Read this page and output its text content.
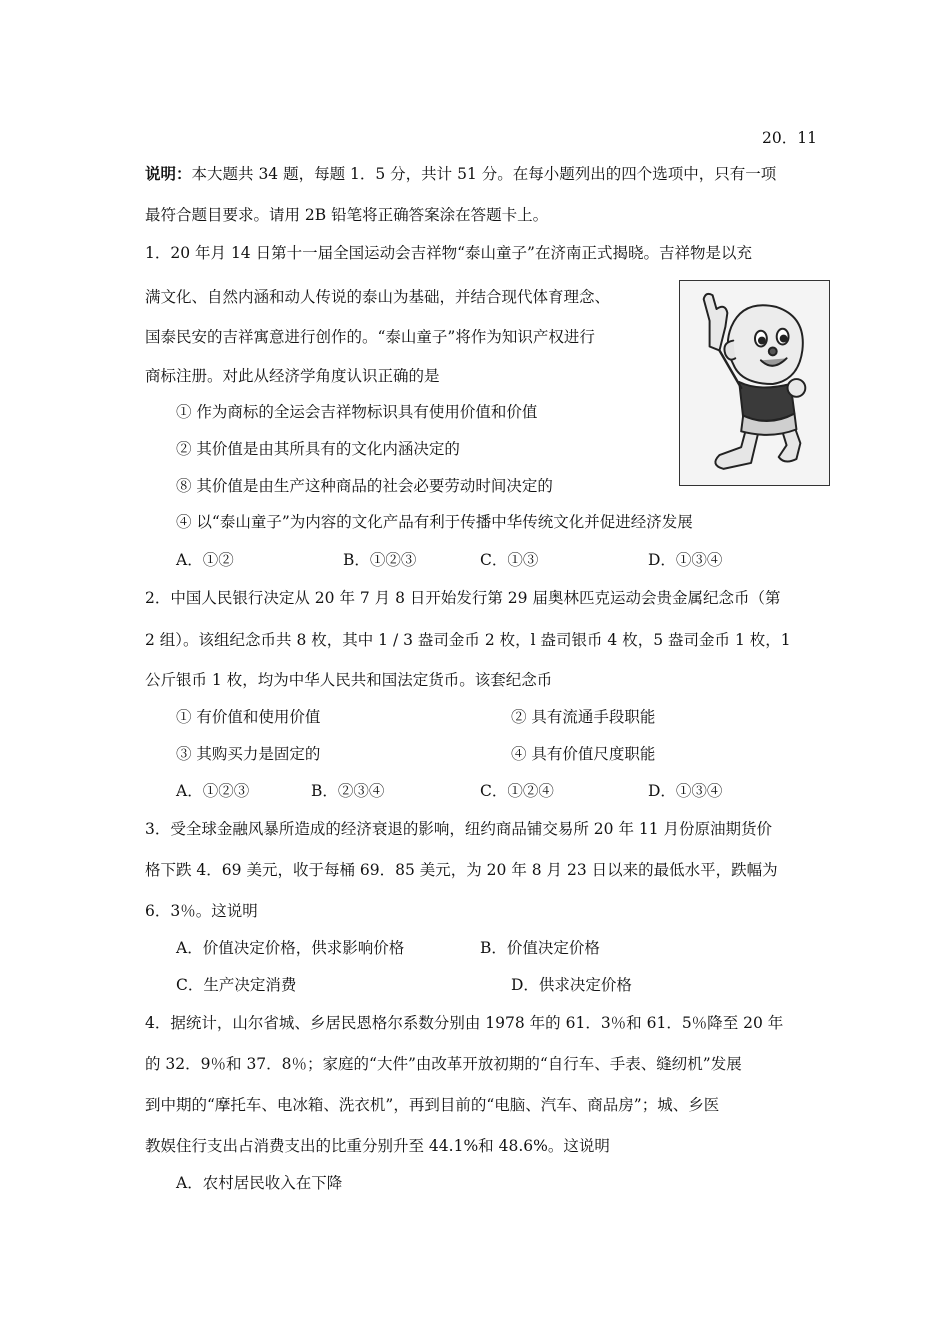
20．11
说明：本大题共 34 题，每题 1．5 分，共计 51 分。在每小题列出的四个选项中，只有一项
最符合题目要求。请用 2B 铅笔将正确答案涂在答题卡上。
1．20 年月 14 日第十一届全国运动会吉祥物“泰山童子”在济南正式揭晓。吉祥物是以充
满文化、自然内涵和动人传说的泰山为基础，并结合现代体育理念、
国泰民安的吉祥寓意进行创作的。“泰山童子”将作为知识产权进行
商标注册。对此从经济学角度认识正确的是
① 作为商标的全运会吉祥物标识具有使用价值和价值
② 其价值是由其所具有的文化内涵决定的
⑧ 其价值是由生产这种商品的社会必要劳动时间决定的
④ 以“泰山童子”为内容的文化产品有利于传播中华传统文化并促进经济发展
A．①②	B．①②③	C．①③	D．①③④
2．中国人民银行决定从 20 年 7 月 8 日开始发行第 29 届奥林匹克运动会贵金属纪念币（第
2 组）。该组纪念币共 8 枚，其中 1 / 3 盎司金币 2 枚，l 盎司银币 4 枚，5 盎司金币 1 枚，1
公斤银币 1 枚，均为中华人民共和国法定货币。该套纪念币
① 有价值和使用价值	② 具有流通手段职能
③ 其购买力是固定的	④ 具有价值尺度职能
A．①②③	B．②③④	C．①②④	D．①③④
3．受全球金融风暴所造成的经济衰退的影响，纽约商品铺交易所 20 年 11 月份原油期货价
格下跌 4．69 美元，收于每桶 69．85 美元，为 20 年 8 月 23 日以来的最低水平，跌幅为
6．3％。这说明
A．价值决定价格，供求影响价格	B．价值决定价格
C．生产决定消费	D．供求决定价格
4．据统计，山尔省城、乡居民恩格尔系数分别由 1978 年的 61．3％和 61．5％降至 20 年
的 32．9％和 37．8％；家庭的“大件”由改革开放初期的“自行车、手表、缝纫机”发展
到中期的“摩托车、电冰箱、洗衣机”，再到目前的“电脑、汽车、商品房”；城、乡医
教娱住行支出占消费支出的比重分别升至 44.1%和 48.6%。这说明
A．农村居民收入在下降
